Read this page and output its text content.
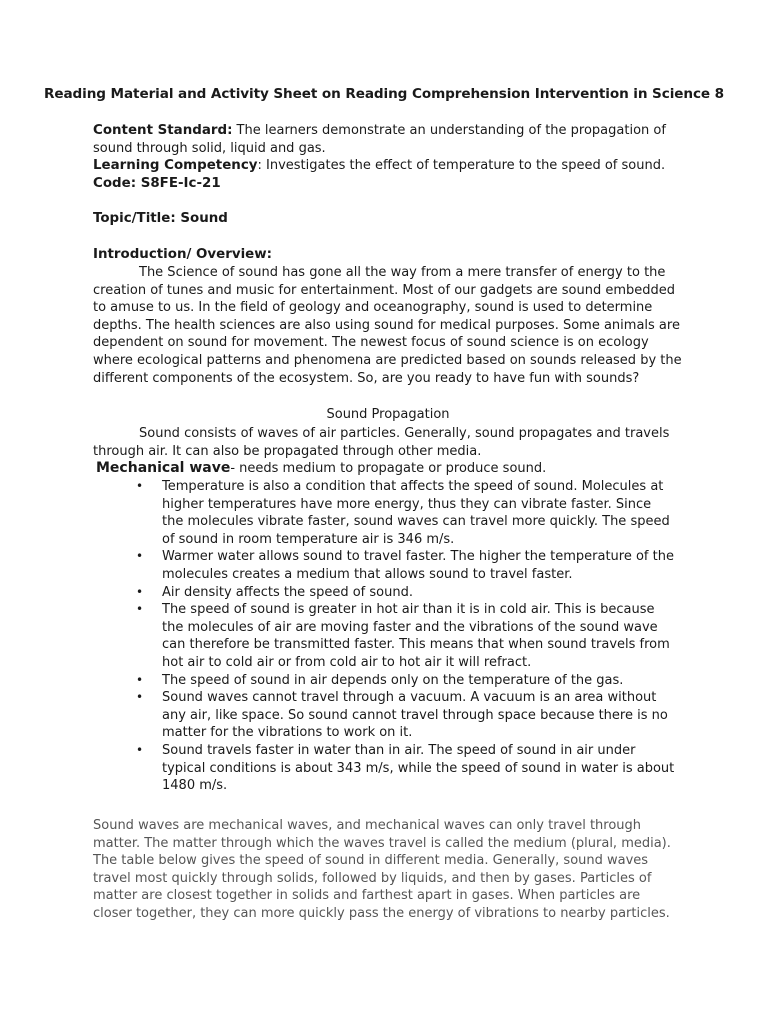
Reading Material and Activity Sheet on Reading Comprehension Intervention in Science 8

Content Standard: The learners demonstrate an understanding of the propagation of sound through solid, liquid and gas.

Learning Competency: Investigates the effect of temperature to the speed of sound.

Code: S8FE-Ic-21
Topic/Title: Sound
Introduction/ Overview:

The Science of sound has gone all the way from a mere transfer of energy to the creation of tunes and music for entertainment. Most of our gadgets are sound embedded to amuse to us. In the field of geology and oceanography, sound is used to determine depths. The health sciences are also using sound for medical purposes. Some animals are dependent on sound for movement. The newest focus of sound science is on ecology where ecological patterns and phenomena are predicted based on sounds released by the different components of the ecosystem. So, are you ready to have fun with sounds?

Sound Propagation

Sound consists of waves of air particles. Generally, sound propagates and travels through air. It can also be propagated through other media.

Mechanical wave- needs medium to propagate or produce sound.
• Temperature is also a condition that affects the speed of sound. Molecules at higher temperatures have more energy, thus they can vibrate faster. Since the molecules vibrate faster, sound waves can travel more quickly. The speed of sound in room temperature air is 346 m/s.
• Warmer water allows sound to travel faster. The higher the temperature of the molecules creates a medium that allows sound to travel faster.
• Air density affects the speed of sound.
• The speed of sound is greater in hot air than it is in cold air. This is because the molecules of air are moving faster and the vibrations of the sound wave can therefore be transmitted faster. This means that when sound travels from hot air to cold air or from cold air to hot air it will refract.
• The speed of sound in air depends only on the temperature of the gas.
• Sound waves cannot travel through a vacuum. A vacuum is an area without any air, like space. So sound cannot travel through space because there is no matter for the vibrations to work on it.
• Sound travels faster in water than in air. The speed of sound in air under typical conditions is about 343 m/s, while the speed of sound in water is about 1480 m/s.

Sound waves are mechanical waves, and mechanical waves can only travel through matter. The matter through which the waves travel is called the medium (plural, media). The table below gives the speed of sound in different media. Generally, sound waves travel most quickly through solids, followed by liquids, and then by gases. Particles of matter are closest together in solids and farthest apart in gases. When particles are closer together, they can more quickly pass the energy of vibrations to nearby particles.
